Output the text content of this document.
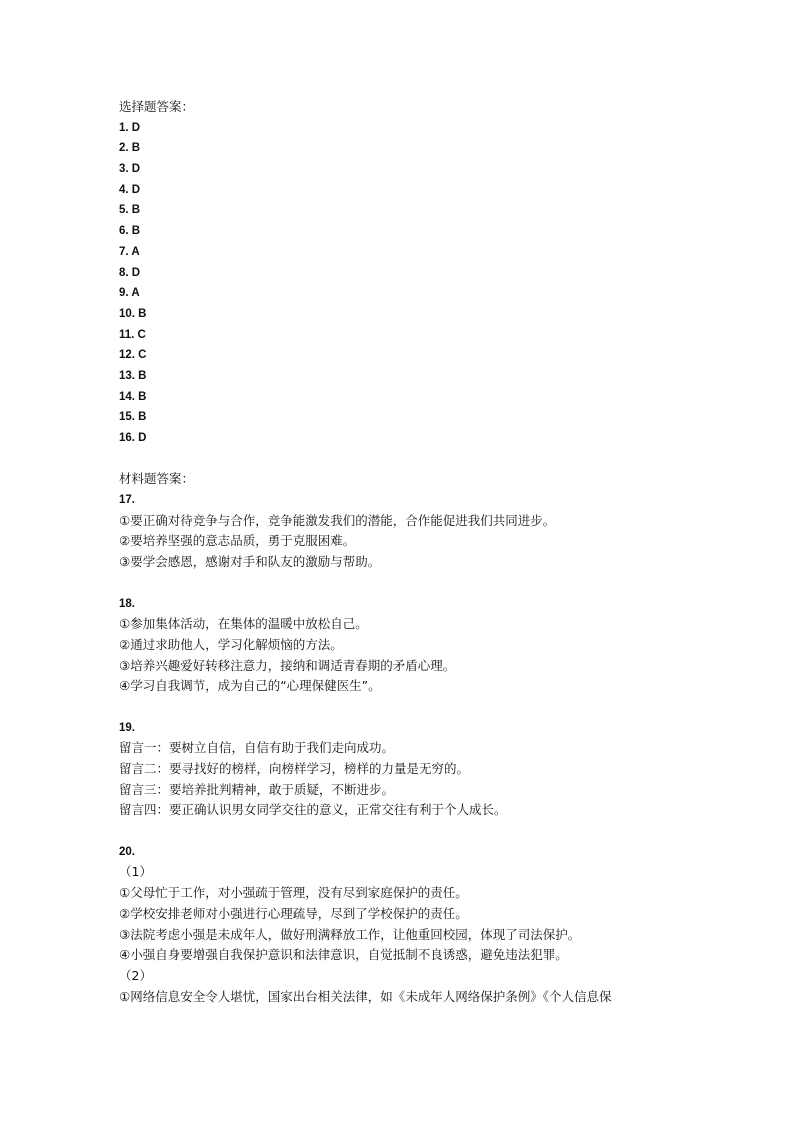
选择题答案：
1. D
2. B
3. D
4. D
5. B
6. B
7. A
8. D
9. A
10. B
11. C
12. C
13. B
14. B
15. B
16. D
材料题答案：
17.
①要正确对待竞争与合作，竞争能激发我们的潜能，合作能促进我们共同进步。
②要培养坚强的意志品质，勇于克服困难。
③要学会感恩，感谢对手和队友的激励与帮助。
18.
①参加集体活动，在集体的温暖中放松自己。
②通过求助他人，学习化解烦恼的方法。
③培养兴趣爱好转移注意力，接纳和调适青春期的矛盾心理。
④学习自我调节，成为自己的“心理保健医生”。
19.
留言一：要树立自信，自信有助于我们走向成功。
留言二：要寻找好的榜样，向榜样学习，榜样的力量是无穷的。
留言三：要培养批判精神，敢于质疑，不断进步。
留言四：要正确认识男女同学交往的意义，正常交往有利于个人成长。
20.
（1）
①父母忙于工作，对小强疏于管理，没有尽到家庭保护的责任。
②学校安排老师对小强进行心理疏导，尽到了学校保护的责任。
③法院考虑小强是未成年人，做好刑满释放工作，让他重回校园，体现了司法保护。
④小强自身要增强自我保护意识和法律意识，自觉抵制不良诱惑，避免违法犯罪。
（2）
①网络信息安全令人堪忧，国家出台相关法律，如《未成年人网络保护条例》《个人信息保
